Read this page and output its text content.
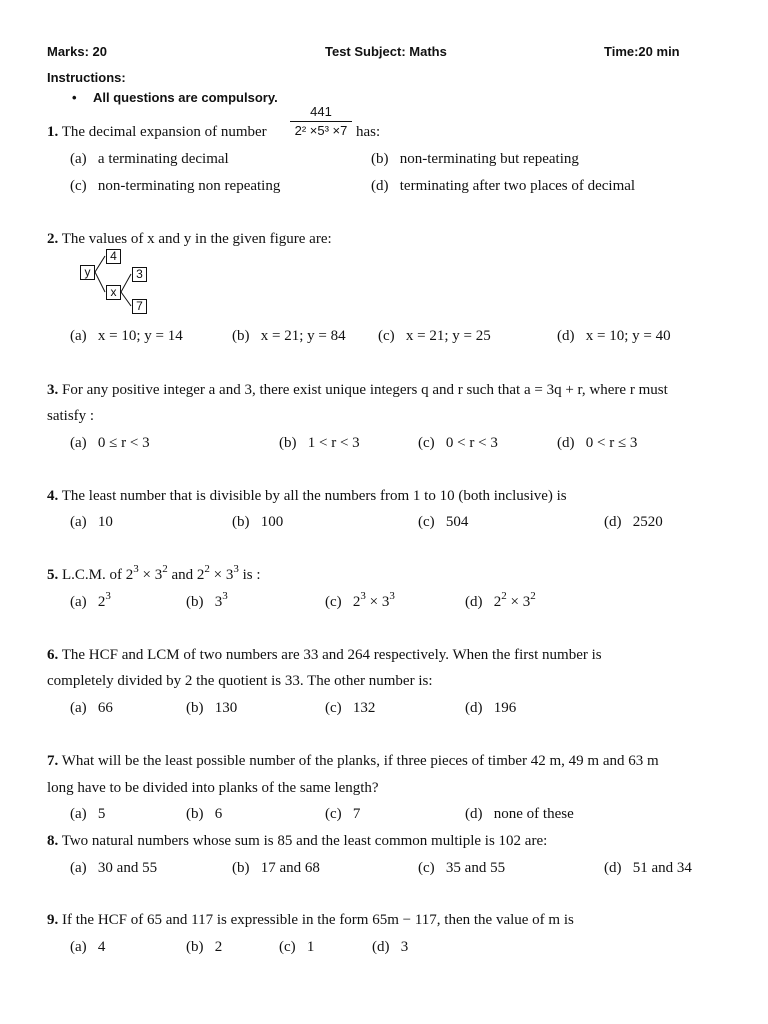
Marks: 20	Test Subject: Maths	Time:20 min
Instructions:
• All questions are compulsory.
1. The decimal expansion of number
441
2² ×5³ ×7 has:
(a) a terminating decimal	(b) non-terminating but repeating
(c) non-terminating non repeating	(d) terminating after two places of decimal
2. The values of x and y in the given figure are:
y
4
x
3
7
(a) x = 10; y = 14	(b) x = 21; y = 84 (c) x = 21; y = 25	(d) x = 10; y = 40
3. For any positive integer a and 3, there exist unique integers q and r such that a = 3q + r, where r must
satisfy :
(a) 0 ≤ r < 3	(b) 1 < r < 3	(c) 0 < r < 3	(d) 0 < r ≤ 3
4. The least number that is divisible by all the numbers from 1 to 10 (both inclusive) is
(a) 10	(b) 100	(c) 504	(d) 2520
5. L.C.M. of $2^3 \times 3^2$ and $2^2 \times 3^3$ is :
(a) $2^3$	(b) $3^3$	(c) $2^3 \times 3^3$	(d) $2^2 \times 3^2$
6. The HCF and LCM of two numbers are 33 and 264 respectively. When the first number is
completely divided by 2 the quotient is 33. The other number is:
(a) 66	(b) 130	(c) 132	(d) 196
7. What will be the least possible number of the planks, if three pieces of timber 42 m, 49 m and 63 m
long have to be divided into planks of the same length?
(a) 5	(b) 6	(c) 7	(d) none of these
8. Two natural numbers whose sum is 85 and the least common multiple is 102 are:
(a) 30 and 55	(b) 17 and 68	(c) 35 and 55	(d) 51 and 34
9. If the HCF of 65 and 117 is expressible in the form 65m − 117, then the value of m is
(a) 4	(b) 2	(c) 1	(d) 3
